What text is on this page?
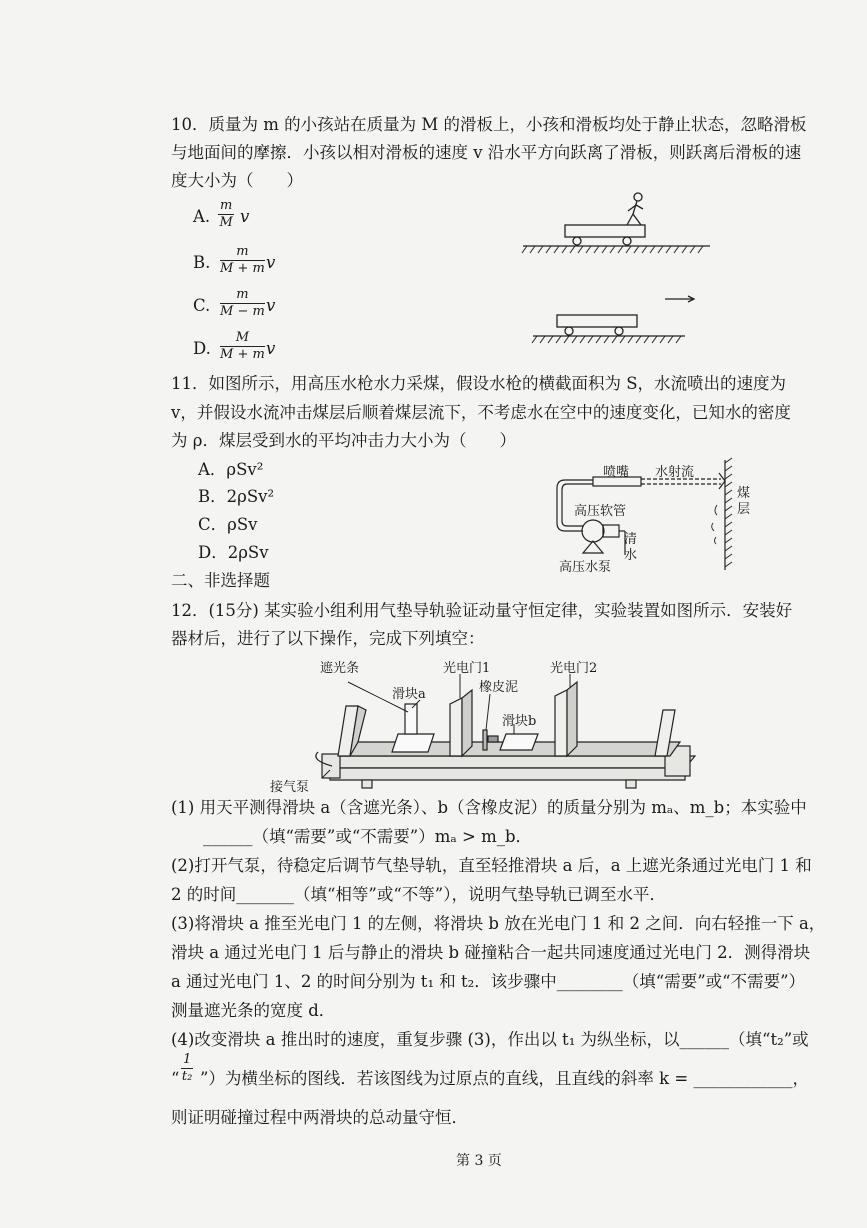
10．质量为 m 的小孩站在质量为 M 的滑板上，小孩和滑板均处于静止状态，忽略滑板
与地面间的摩擦．小孩以相对滑板的速度 v 沿水平方向跃离了滑板，则跃离后滑板的速
度大小为（　　）
A. $\frac{m}{M}$ v
B. $\frac{m}{M + m}$ v
C. $\frac{m}{M - m}$ v
D. $\frac{M}{M + m}$ v
11．如图所示，用高压水枪水力采煤，假设水枪的横截面积为 S，水流喷出的速度为
v，并假设水流冲击煤层后顺着煤层流下，不考虑水在空中的速度变化，已知水的密度
为 ρ．煤层受到水的平均冲击力大小为（　　）
A．ρSv²
B．2ρSv²
C．ρSv
D．2ρSv
喷嘴 水射流
高压软管
煤层
高压水泵
清水
二、非选择题
12．(15分) 某实验小组利用气垫导轨验证动量守恒定律，实验装置如图所示．安装好
器材后，进行了以下操作，完成下列填空：
遮光条	光电门1	光电门2
滑块a	橡皮泥
滑块b
接气泵
(1) 用天平测得滑块 a（含遮光条）、b（含橡皮泥）的质量分别为 mₐ、m_b；本实验中
______（填“需要”或“不需要”）mₐ > m_b．
(2)打开气泵，待稳定后调节气垫导轨，直至轻推滑块 a 后，a 上遮光条通过光电门 1 和
2 的时间_______（填“相等”或“不等”），说明气垫导轨已调至水平．
(3)将滑块 a 推至光电门 1 的左侧，将滑块 b 放在光电门 1 和 2 之间．向右轻推一下 a，
滑块 a 通过光电门 1 后与静止的滑块 b 碰撞粘合一起共同速度通过光电门 2．测得滑块
a 通过光电门 1、2 的时间分别为 t₁ 和 t₂．该步骤中________（填“需要”或“不需要”）
测量遮光条的宽度 d．
(4)改变滑块 a 推出时的速度，重复步骤 (3)，作出以 t₁ 为纵坐标，以______（填“t₂”或
“ $\frac{1}{\text{t₂}}$ ”）为横坐标的图线．若该图线为过原点的直线，且直线的斜率 k = ____________，
则证明碰撞过程中两滑块的总动量守恒．
第 3 页
